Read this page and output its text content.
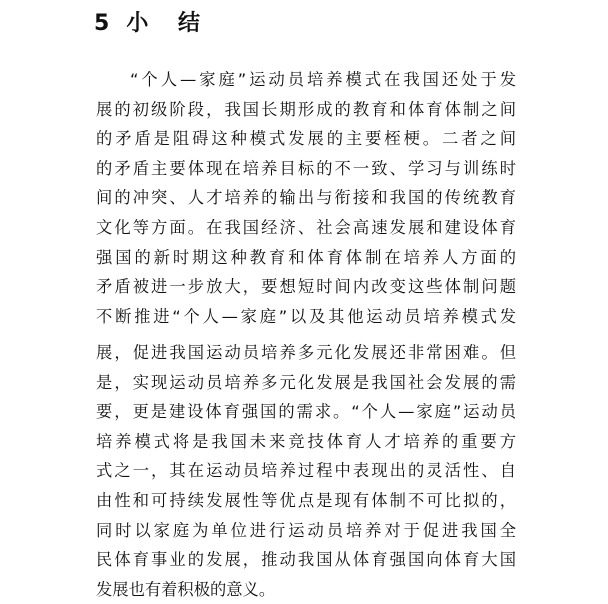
5 小 结
“个人—家庭”运动员培养模式在我国还处于发
展的初级阶段，我国长期形成的教育和体育体制之间
的矛盾是阻碍这种模式发展的主要桎梗。二者之间
的矛盾主要体现在培养目标的不一致、学习与训练时
间的冲突、人才培养的输出与衔接和我国的传统教育
文化等方面。在我国经济、社会高速发展和建设体育
强国的新时期这种教育和体育体制在培养人方面的
矛盾被进一步放大，要想短时间内改变这些体制问题
不断推进“个人—家庭”以及其他运动员培养模式发
展，促进我国运动员培养多元化发展还非常困难。但
是，实现运动员培养多元化发展是我国社会发展的需
要，更是建设体育强国的需求。“个人—家庭”运动员
培养模式将是我国未来竞技体育人才培养的重要方
式之一，其在运动员培养过程中表现出的灵活性、自
由性和可持续发展性等优点是现有体制不可比拟的，
同时以家庭为单位进行运动员培养对于促进我国全
民体育事业的发展，推动我国从体育强国向体育大国
发展也有着积极的意义。
